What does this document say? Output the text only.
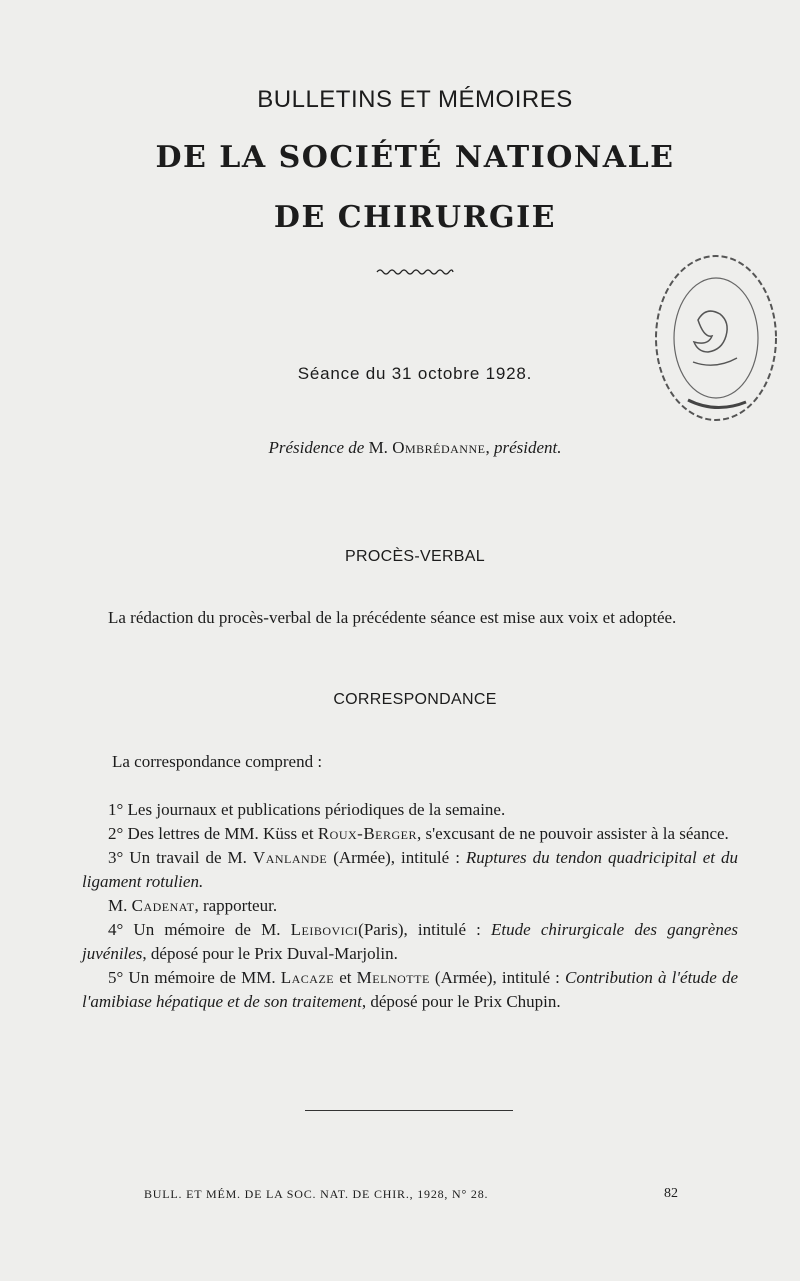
BULLETINS ET MÉMOIRES
DE LA SOCIÉTÉ NATIONALE
DE CHIRURGIE
Séance du 31 octobre 1928.
Présidence de M. Ombrédanne, président.
PROCÈS-VERBAL

La rédaction du procès-verbal de la précédente séance est mise aux voix et adoptée.

CORRESPONDANCE

La correspondance comprend :

1° Les journaux et publications périodiques de la semaine.

2° Des lettres de MM. Küss et Roux-Berger, s'excusant de ne pouvoir assister à la séance.

3° Un travail de M. Vanlande (Armée), intitulé : Ruptures du tendon quadricipital et du ligament rotulien.

M. Cadenat, rapporteur.

4° Un mémoire de M. Leibovici(Paris), intitulé : Etude chirurgicale des gangrènes juvéniles, déposé pour le Prix Duval-Marjolin.

5° Un mémoire de MM. Lacaze et Melnotte (Armée), intitulé : Contribution à l'étude de l'amibiase hépatique et de son traitement, déposé pour le Prix Chupin.

BULL. ET MÉM. DE LA SOC. NAT. DE CHIR., 1928, N° 28.	82
